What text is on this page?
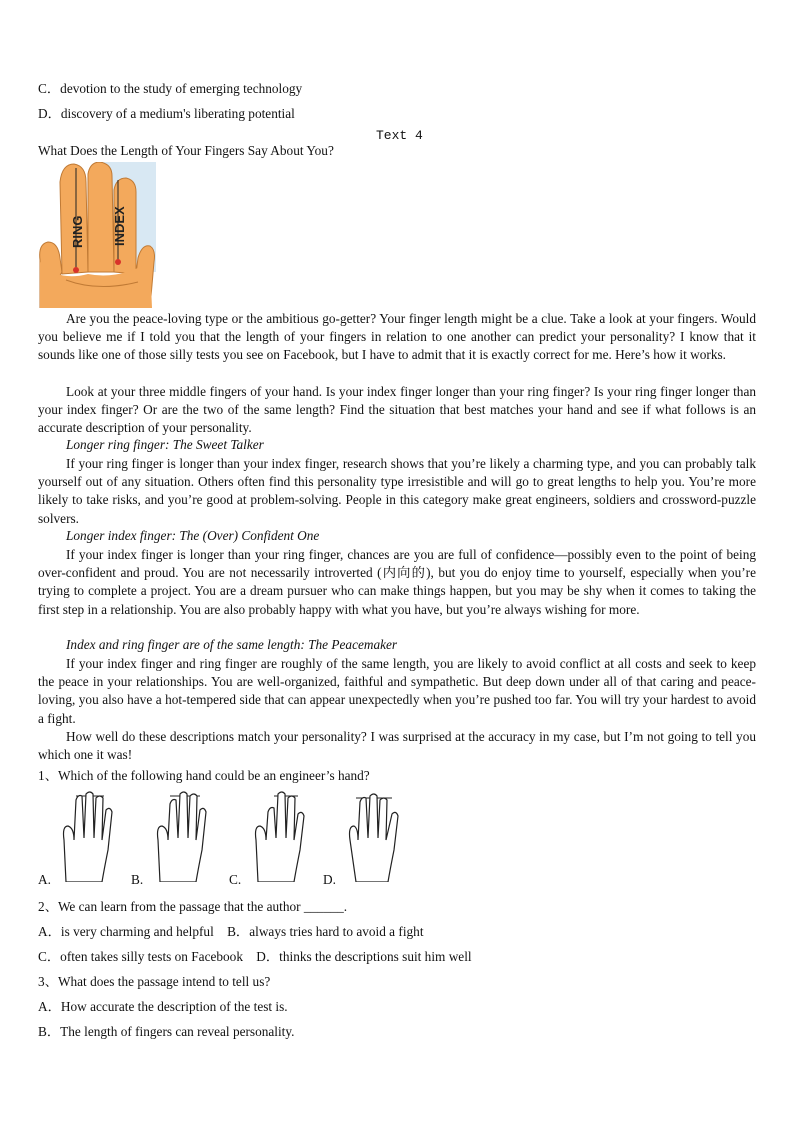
C．devotion to the study of emerging technology
D．discovery of a medium's liberating potential
Text 4
What Does the Length of Your Fingers Say About You?
RING INDEX
Are you the peace-loving type or the ambitious go-getter? Your finger length might be a clue. Take a look at your fingers. Would you believe me if I told you that the length of your fingers in relation to one another can predict your personality? I know that it sounds like one of those silly tests you see on Facebook, but I have to admit that it is exactly correct for me. Here’s how it works.
Look at your three middle fingers of your hand. Is your index finger longer than your ring finger? Is your ring finger longer than your index finger? Or are the two of the same length? Find the situation that best matches your hand and see if what follows is an accurate description of your personality.
Longer ring finger: The Sweet Talker
If your ring finger is longer than your index finger, research shows that you’re likely a charming type, and you can probably talk yourself out of any situation. Others often find this personality type irresistible and will go to great lengths to help you. You’re more likely to take risks, and you’re good at problem-solving. People in this category make great engineers, soldiers and crossword-puzzle solvers.
Longer index finger: The (Over) Confident One
If your index finger is longer than your ring finger, chances are you are full of confidence—possibly even to the point of being over-confident and proud. You are not necessarily introverted (内向的), but you do enjoy time to yourself, especially when you’re trying to complete a project. You are a dream pursuer who can make things happen, but you may be shy when it comes to taking the first step in a relationship. You are also probably happy with what you have, but you’re always wishing for more.
Index and ring finger are of the same length: The Peacemaker
If your index finger and ring finger are roughly of the same length, you are likely to avoid conflict at all costs and seek to keep the peace in your relationships. You are well-organized, faithful and sympathetic. But deep down under all of that caring and peace-loving, you also have a hot-tempered side that can appear unexpectedly when you’re pushed too far. You will try your hardest to avoid a fight.
How well do these descriptions match your personality? I was surprised at the accuracy in my case, but I’m not going to tell you which one it was!
1、Which of the following hand could be an engineer’s hand?
A.	B.	C.	D.
2、We can learn from the passage that the author ______.
A．is very charming and helpful    B．always tries hard to avoid a fight
C．often takes silly tests on Facebook    D．thinks the descriptions suit him well
3、What does the passage intend to tell us?
A．How accurate the description of the test is.
B．The length of fingers can reveal personality.
